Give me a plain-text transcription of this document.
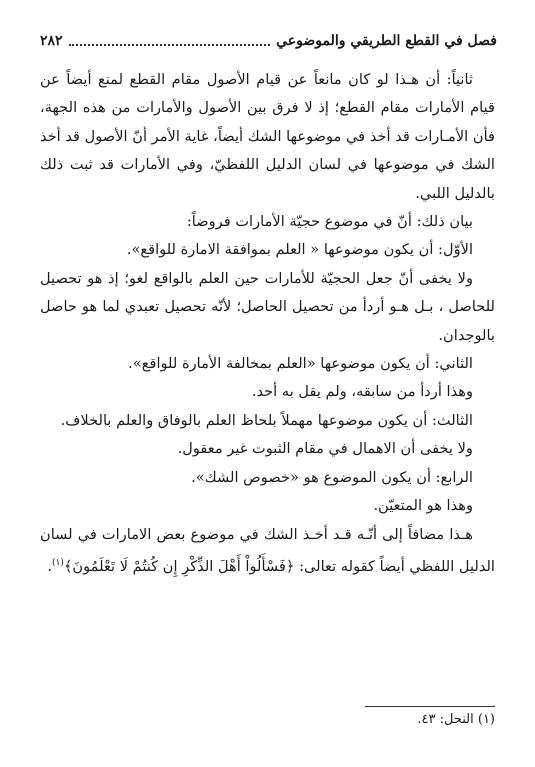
فصل في القطع الطريقي والموضوعي
٢٨٢

ثانياً: أن هـذا لو كان مانعاً عن قيام الأصول مقام القطع لمنع أيضاً عن قيام الأمارات مقام القطع؛ إذ لا فرق بين الأصول والأمارات من هذه الجهة، فأن الأمـارات قد أخذ في موضوعها الشك أيضاً، غاية الأمر أنّ الأصول قد أخذ الشك في موضوعها في لسان الدليل اللفظيّ، وفي الأمارات قد ثبت ذلك بالدليل اللبي.

بيان ذلك: أنّ في موضوع حجيّة الأمارات فروضاً:

الأوّل: أن يكون موضوعها « العلم بموافقة الامارة للواقع».

ولا يخفى أنّ جعل الحجيّة للأمارات حين العلم بالواقع لغو؛ إذ هو تحصيل للحاصل ، بـل هـو أردأ من تحصيل الحاصل؛ لأنّه تحصيل تعبدي لما هو حاصل بالوجدان.

الثاني: أن يكون موضوعها «العلم بمخالفة الأمارة للواقع».

وهذا أردأ من سابقه، ولم يقل به أحد.

الثالث: أن يكون موضوعها مهملاً بلحاظ العلم بالوفاق والعلم بالخلاف.

ولا يخفى أن الاهمال في مقام الثبوت غير معقول.

الرابع: أن يكون الموضوع هو «خصوص الشك».

وهذا هو المتعيّن.

هـذا مضافاً إلى أنّـه قـد أخـذ الشك في موضوع بعض الامارات في لسان الدليل اللفظي أيضاً كقوله تعالى: ﴿فَسْأَلُواْ أَهْلَ الذِّكْرِ إِن كُنتُمْ لَا تَعْلَمُونَ﴾$^{(١)}$.

(١) النحل: ٤٣.
